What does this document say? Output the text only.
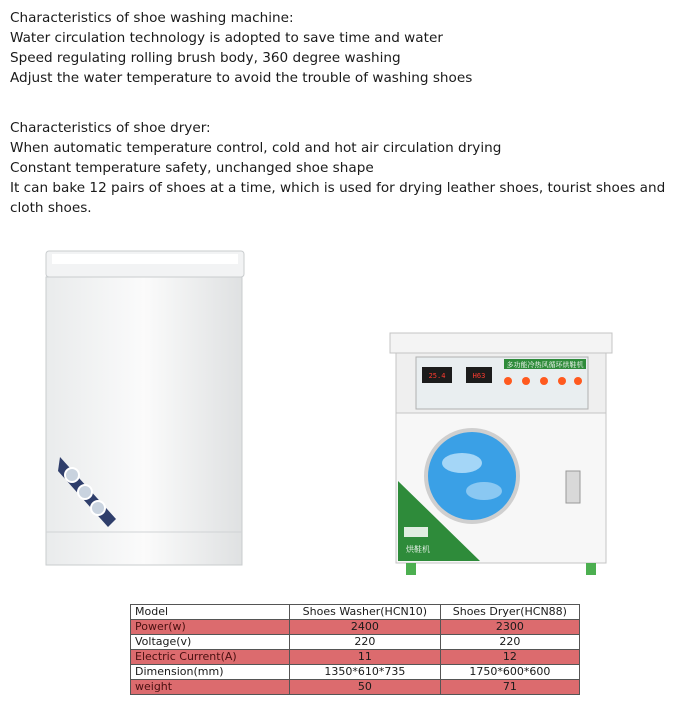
Characteristics of shoe washing machine:
Water circulation technology is adopted to save time and water
Speed regulating rolling brush body, 360 degree washing
Adjust the water temperature to avoid the trouble of washing shoes
Characteristics of shoe dryer:
When automatic temperature control, cold and hot air circulation drying
Constant temperature safety, unchanged shoe shape
It can bake 12 pairs of shoes at a time, which is used for drying leather shoes, tourist shoes and
cloth shoes.
多功能冷热风循环烘鞋机
25.4	H63
烘鞋机
Model	Shoes Washer(HCN10)	Shoes Dryer(HCN88)
Power(w)	2400	2300
Voltage(v)	220	220
Electric Current(A)	11	12
Dimension(mm)	1350*610*735	1750*600*600
weight	50	71
